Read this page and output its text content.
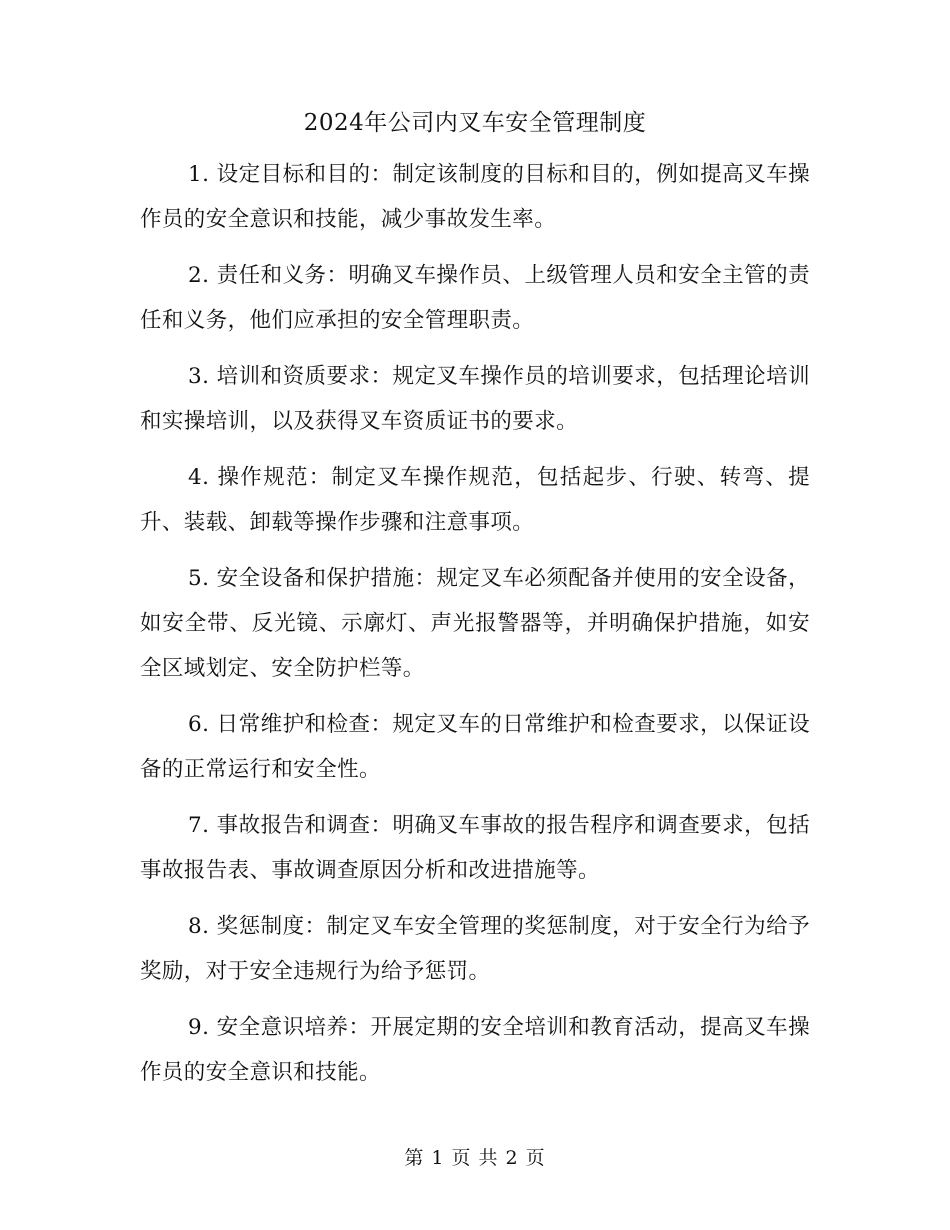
2024年公司内叉车安全管理制度

1. 设定目标和目的：制定该制度的目标和目的，例如提高叉车操作员的安全意识和技能，减少事故发生率。

2. 责任和义务：明确叉车操作员、上级管理人员和安全主管的责任和义务，他们应承担的安全管理职责。

3. 培训和资质要求：规定叉车操作员的培训要求，包括理论培训和实操培训，以及获得叉车资质证书的要求。

4. 操作规范：制定叉车操作规范，包括起步、行驶、转弯、提升、装载、卸载等操作步骤和注意事项。

5. 安全设备和保护措施：规定叉车必须配备并使用的安全设备，如安全带、反光镜、示廓灯、声光报警器等，并明确保护措施，如安全区域划定、安全防护栏等。

6. 日常维护和检查：规定叉车的日常维护和检查要求，以保证设备的正常运行和安全性。

7. 事故报告和调查：明确叉车事故的报告程序和调查要求，包括事故报告表、事故调查原因分析和改进措施等。

8. 奖惩制度：制定叉车安全管理的奖惩制度，对于安全行为给予奖励，对于安全违规行为给予惩罚。

9. 安全意识培养：开展定期的安全培训和教育活动，提高叉车操作员的安全意识和技能。

第 1 页 共 2 页
